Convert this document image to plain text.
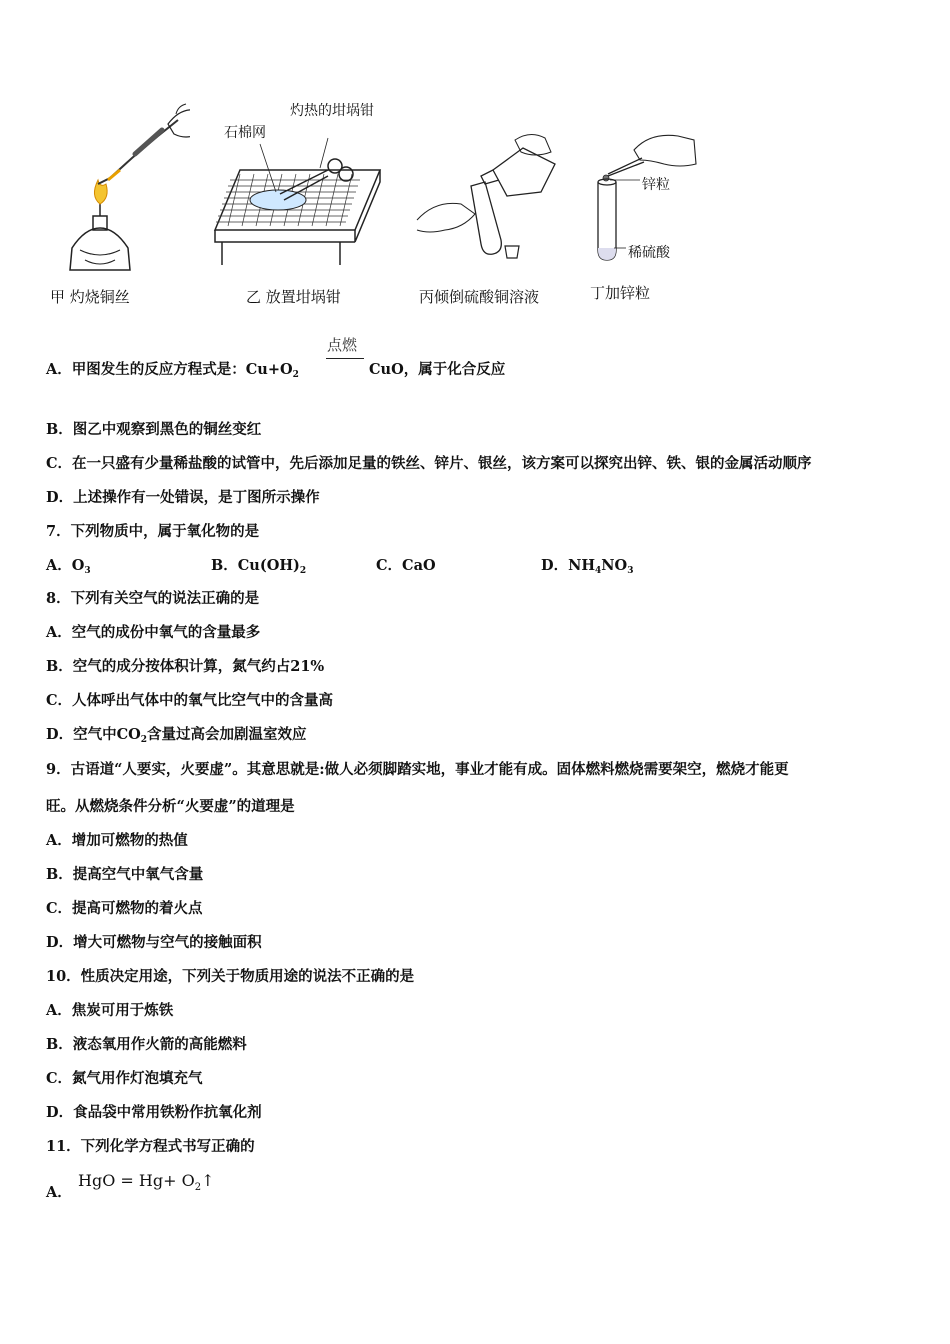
甲 灼烧铜丝
石棉网
灼热的坩埚钳
乙 放置坩埚钳	丙倾倒硫酸铜溶液
锌粒
稀硫酸
丁加锌粒
A．甲图发生的反应方程式是：$Cu+O_2$
点燃
CuO，属于化合反应
B．图乙中观察到黑色的铜丝变红
C．在一只盛有少量稀盐酸的试管中，先后添加足量的铁丝、锌片、银丝，该方案可以探究出锌、铁、银的金属活动顺序
D．上述操作有一处错误，是丁图所示操作
7．下列物质中，属于氧化物的是
A．$O_3$	B．$Cu(OH)_2$	C．CaO	D．$NH_4NO_3$
8．下列有关空气的说法正确的是
A．空气的成份中氧气的含量最多
B．空气的成分按体积计算，氮气约占21%
C．人体呼出气体中的氧气比空气中的含量高
D．空气中$CO_2$含量过高会加剧温室效应
9．古语道“人要实，火要虚”。其意思就是:做人必须脚踏实地，事业才能有成。固体燃料燃烧需要架空，燃烧才能更
旺。从燃烧条件分析“火要虚”的道理是
A．增加可燃物的热值
B．提高空气中氧气含量
C．提高可燃物的着火点
D．增大可燃物与空气的接触面积
10．性质决定用途，下列关于物质用途的说法不正确的是
A．焦炭可用于炼铁
B．液态氧用作火箭的高能燃料
C．氮气用作灯泡填充气
D．食品袋中常用铁粉作抗氧化剂
11．下列化学方程式书写正确的
A．
HgO = $Hg+ O_2↑$
